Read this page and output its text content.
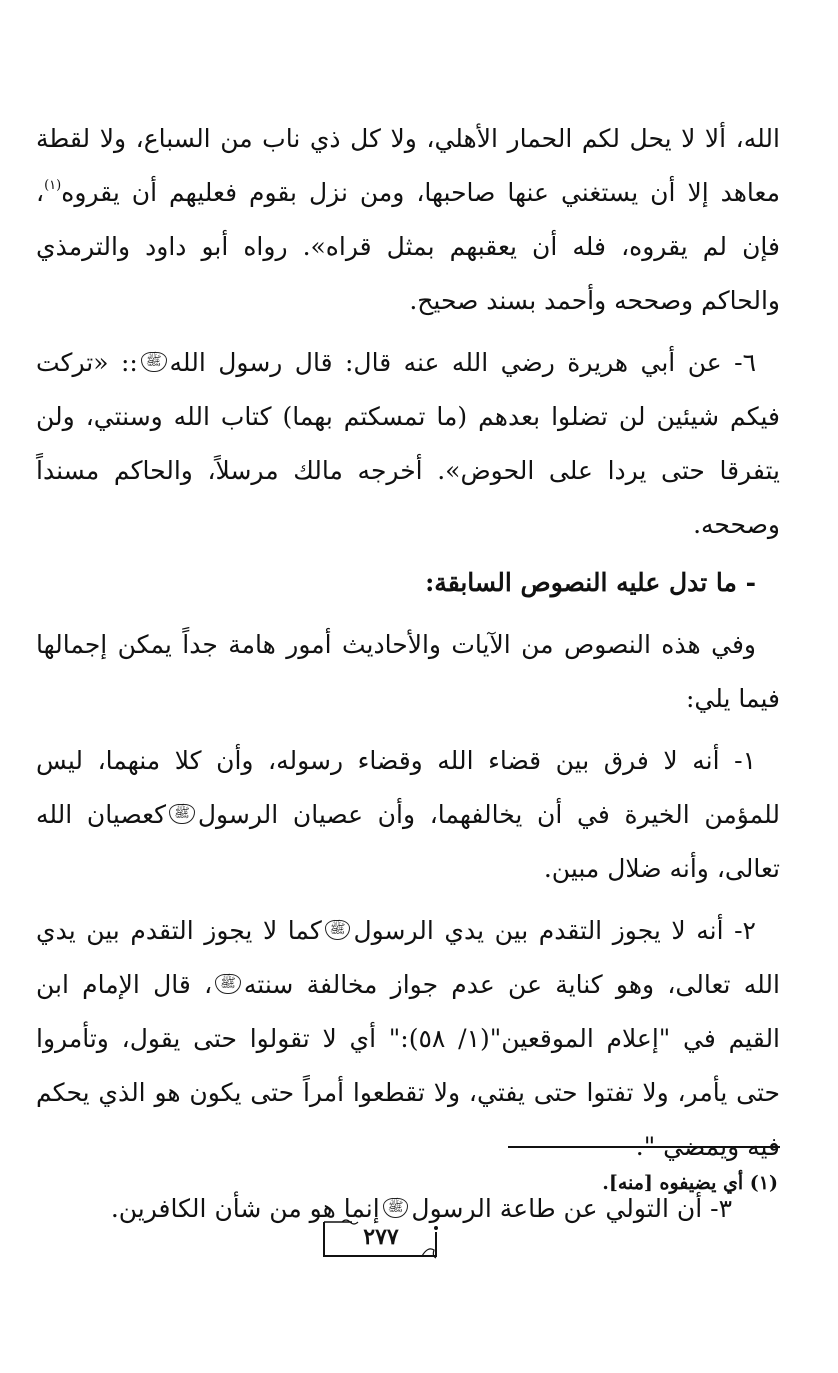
الله، ألا لا يحل لكم الحمار الأهلي، ولا كل ذي ناب من السباع، ولا لقطة معاهد إلا أن يستغني عنها صاحبها، ومن نزل بقوم فعليهم أن يقروه$^{(١)}$، فإن لم يقروه، فله أن يعقبهم بمثل قراه». رواه أبو داود والترمذي والحاكم وصححه وأحمد بسند صحيح.

٦- عن أبي هريرة رضي الله عنه قال: قال رسول اللهﷺ:: «تركت فيكم شيئين لن تضلوا بعدهم (ما تمسكتم بهما) كتاب الله وسنتي، ولن يتفرقا حتى يردا على الحوض». أخرجه مالك مرسلاً، والحاكم مسنداً وصححه.

- ما تدل عليه النصوص السابقة:

وفي هذه النصوص من الآيات والأحاديث أمور هامة جداً يمكن إجمالها فيما يلي:

١- أنه لا فرق بين قضاء الله وقضاء رسوله، وأن كلا منهما، ليس للمؤمن الخيرة في أن يخالفهما، وأن عصيان الرسولﷺكعصيان الله تعالى، وأنه ضلال مبين.

٢- أنه لا يجوز التقدم بين يدي الرسولﷺكما لا يجوز التقدم بين يدي الله تعالى، وهو كناية عن عدم جواز مخالفة سنتهﷺ، قال الإمام ابن القيم في "إعلام الموقعين"(١/ ٥٨):" أي لا تقولوا حتى يقول، وتأمروا حتى يأمر، ولا تفتوا حتى يفتي، ولا تقطعوا أمراً حتى يكون هو الذي يحكم فيه ويمضي ".

٣- أن التولي عن طاعة الرسولﷺإنما هو من شأن الكافرين.

(١) أي يضيفوه [منه].

٢٧٧
